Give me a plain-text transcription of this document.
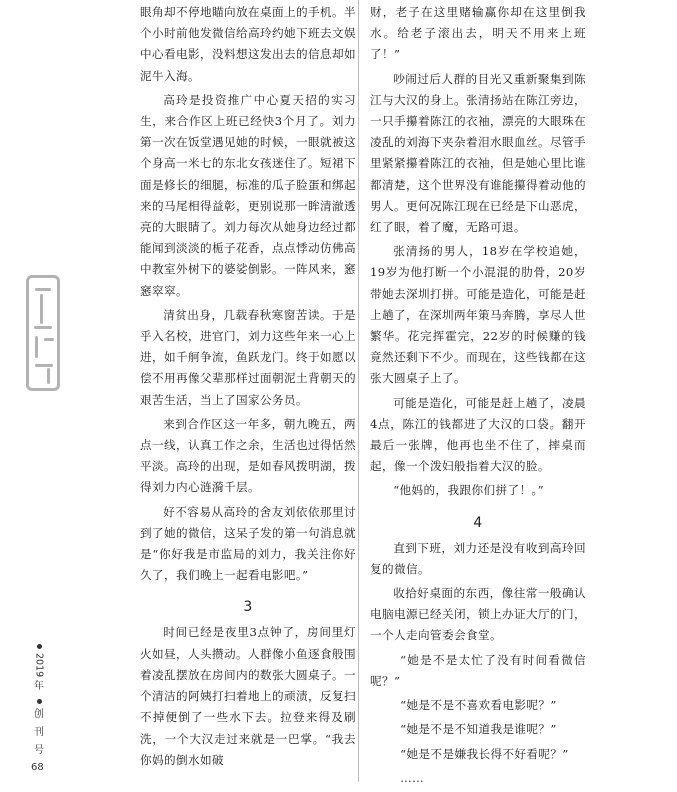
2019
年
创
刊
号
68

眼角却不停地瞄向放在桌面上的手机。半个小时前他发微信给高玲约她下班去文娱中心看电影，没料想这发出去的信息却如泥牛入海。

高玲是投资推广中心夏天招的实习生，来合作区上班已经快3个月了。刘力第一次在饭堂遇见她的时候，一眼就被这个身高一米七的东北女孩迷住了。短裙下面是修长的细腿，标准的瓜子脸蛋和绑起来的马尾相得益彰，更别说那一眸清澈透亮的大眼睛了。刘力每次从她身边经过都能闻到淡淡的栀子花香，点点悸动仿佛高中教室外树下的婆娑倒影。一阵风来，窸窸窣窣。

清贫出身，几载春秋寒窗苦读。于是乎入名校，进官门，刘力这些年来一心上进，如千舸争流，鱼跃龙门。终于如愿以偿不用再像父辈那样过面朝泥土背朝天的艰苦生活，当上了国家公务员。

来到合作区这一年多，朝九晚五，两点一线，认真工作之余，生活也过得恬然平淡。高玲的出现，是如春风拨明湖，拨得刘力内心涟漪千层。

好不容易从高玲的舍友刘依依那里讨到了她的微信，这呆子发的第一句消息就是“你好我是市监局的刘力，我关注你好久了，我们晚上一起看电影吧。”

3

时间已经是夜里3点钟了，房间里灯火如昼，人头攒动。人群像小鱼逐食般围着凌乱摆放在房间内的数张大圆桌子。一个清洁的阿姨打扫着地上的顽渍，反复扫不掉便倒了一些水下去。拉登来得及刷洗，一个大汉走过来就是一巴掌。“我去你妈的倒水如破

财，老子在这里赌输赢你却在这里倒我水。给老子滚出去，明天不用来上班了！”

吵闹过后人群的目光又重新聚集到陈江与大汉的身上。张清扬站在陈江旁边，一只手攥着陈江的衣袖，漂亮的大眼珠在凌乱的刘海下夹杂着泪水眼血丝。尽管手里紧紧攥着陈江的衣袖，但是她心里比谁都清楚，这个世界没有谁能攥得着动他的男人。更何况陈江现在已经是下山恶虎，红了眼，着了魔，无路可退。

张清扬的男人，18岁在学校追她，19岁为他打断一个小混混的肋骨，20岁带她去深圳打拼。可能是造化，可能是赶上趟了，在深圳两年策马奔腾，享尽人世繁华。花完挥霍完，22岁的时候赚的钱竟然还剩下不少。而现在，这些钱都在这张大圆桌子上了。

可能是造化，可能是赶上趟了，凌晨4点，陈江的钱都进了大汉的口袋。翻开最后一张牌，他再也坐不住了，摔桌而起，像一个泼妇般指着大汉的脸。

“他妈的，我跟你们拼了！。”

4

直到下班，刘力还是没有收到高玲回复的微信。

收拾好桌面的东西，像往常一般确认电脑电源已经关闭，锁上办证大厅的门，一个人走向管委会食堂。

“她是不是太忙了没有时间看微信呢？”

“她是不是不喜欢看电影呢？”

“她是不是不知道我是谁呢？”

“她是不是嫌我长得不好看呢？”

……
